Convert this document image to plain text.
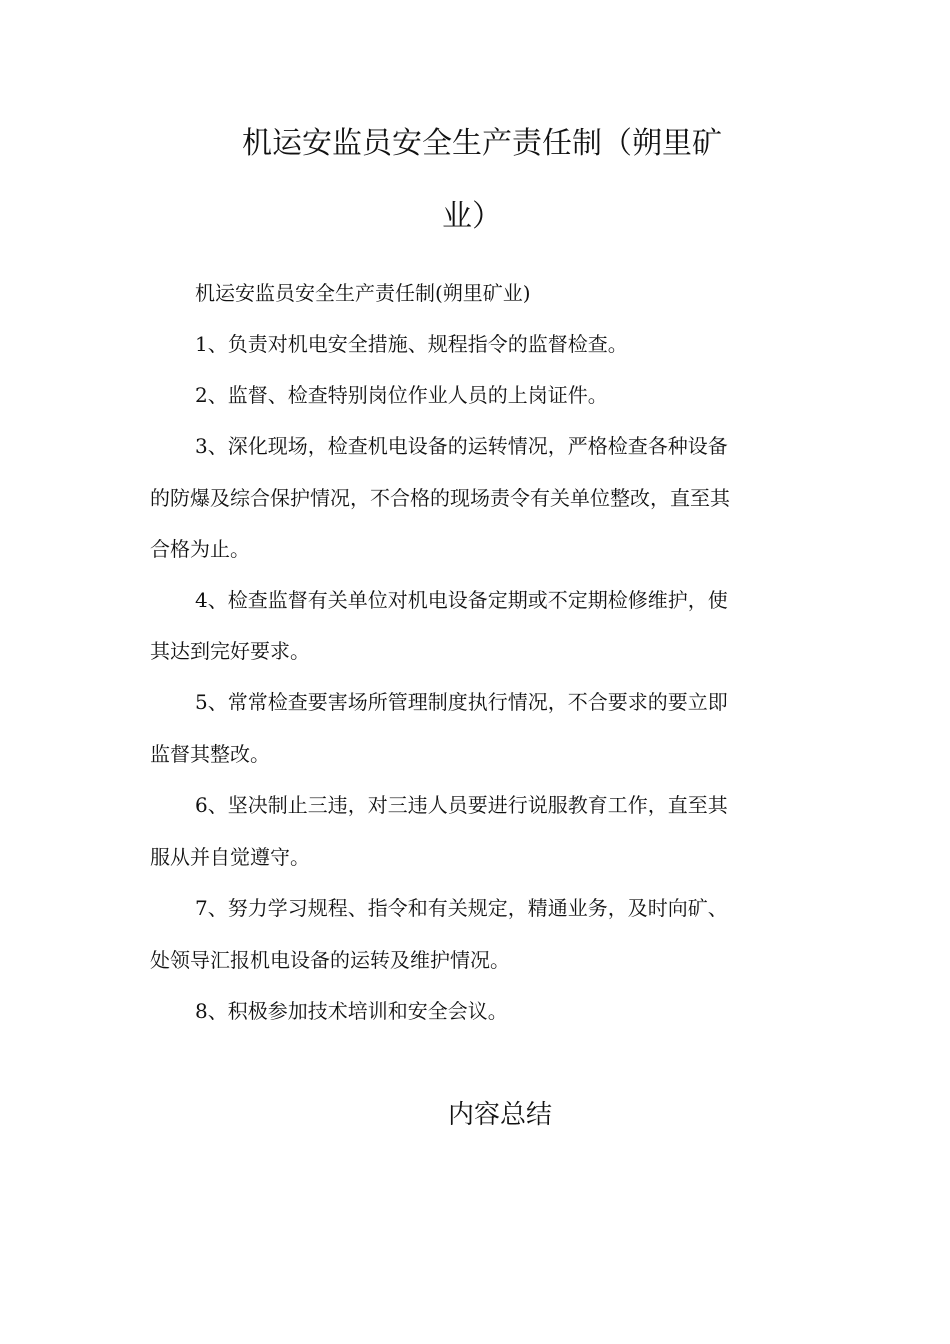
机运安监员安全生产责任制（朔里矿
业）
机运安监员安全生产责任制(朔里矿业)
1、负责对机电安全措施、规程指令的监督检查。
2、监督、检查特别岗位作业人员的上岗证件。
3、深化现场，检查机电设备的运转情况，严格检查各种设备
的防爆及综合保护情况，不合格的现场责令有关单位整改，直至其
合格为止。
4、检查监督有关单位对机电设备定期或不定期检修维护，使
其达到完好要求。
5、常常检查要害场所管理制度执行情况，不合要求的要立即
监督其整改。
6、坚决制止三违，对三违人员要进行说服教育工作，直至其
服从并自觉遵守。
7、努力学习规程、指令和有关规定，精通业务，及时向矿、
处领导汇报机电设备的运转及维护情况。
8、积极参加技术培训和安全会议。
内容总结
